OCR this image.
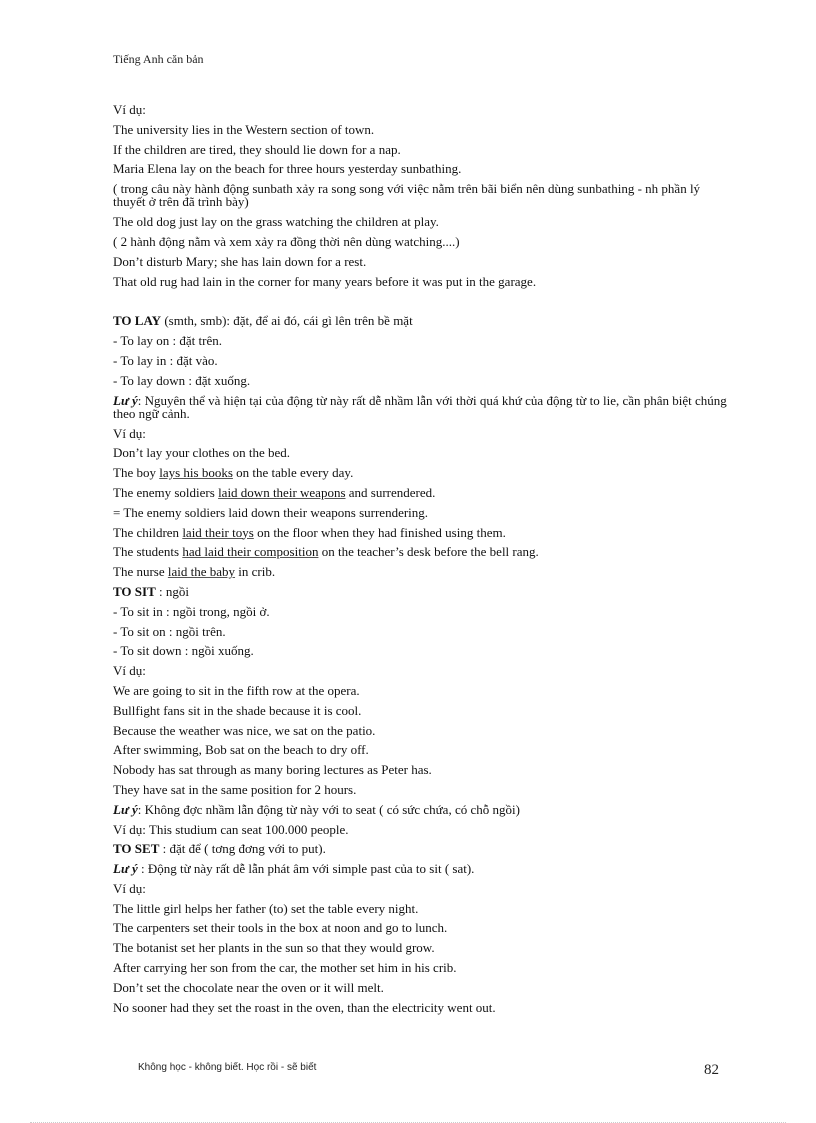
Tiếng Anh căn bản
Ví dụ:
The university lies in the Western section of town.
If the children are tired, they should lie down for a nap.
Maria Elena lay on the beach for three hours yesterday sunbathing.
( trong câu này hành động sunbath xảy ra song song với việc nằm trên bãi biển nên dùng sunbathing - nh phần lý thuyết ở trên đã trình bày)
The old dog just lay on the grass watching the children at play.
( 2 hành động nằm và xem xảy ra đồng thời nên dùng watching....)
Don’t disturb Mary; she has lain down for a rest.
That old rug had lain in the corner for many years before it was put in the garage.
TO LAY (smth, smb): đặt, để ai đó, cái gì lên trên bề mặt
- To lay on : đặt trên.
- To lay in : đặt vào.
- To lay down : đặt xuống.
Lư ý: Nguyên thể và hiện tại của động từ này rất dễ nhầm lẫn với thời quá khứ của động từ to lie, cần phân biệt chúng theo ngữ cảnh.
Ví dụ:
Don’t lay your clothes on the bed.
The boy lays his books on the table every day.
The enemy soldiers laid down their weapons and surrendered.
= The enemy soldiers laid down their weapons surrendering.
The children laid their toys on the floor when they had finished using them.
The students had laid their composition on the teacher’s desk before the bell rang.
The nurse laid the baby in crib.
TO SIT : ngồi
- To sit in : ngồi trong, ngồi ở.
- To sit on : ngồi trên.
- To sit down : ngồi xuống.
Ví dụ:
We are going to sit in the fifth row at the opera.
Bullfight fans sit in the shade because it is cool.
Because the weather was nice, we sat on the patio.
After swimming, Bob sat on the beach to dry off.
Nobody has sat through as many boring lectures as Peter has.
They have sat in the same position for 2 hours.
Lư ý: Không đợc nhầm lẫn động từ này với to seat ( có sức chứa, có chỗ ngồi)
Ví dụ: This studium can seat 100.000 people.
TO SET : đặt để ( tơng đơng với to put).
Lư ý : Động từ này rất dễ lẫn phát âm với simple past của to sit ( sat).
Ví dụ:
The little girl helps her father (to) set the table every night.
The carpenters set their tools in the box at noon and go to lunch.
The botanist set her plants in the sun so that they would grow.
After carrying her son from the car, the mother set him in his crib.
Don’t set the chocolate near the oven or it will melt.
No sooner had they set the roast in the oven, than the electricity went out.
Không học - không biết. Học rồi - sẽ biết	82
